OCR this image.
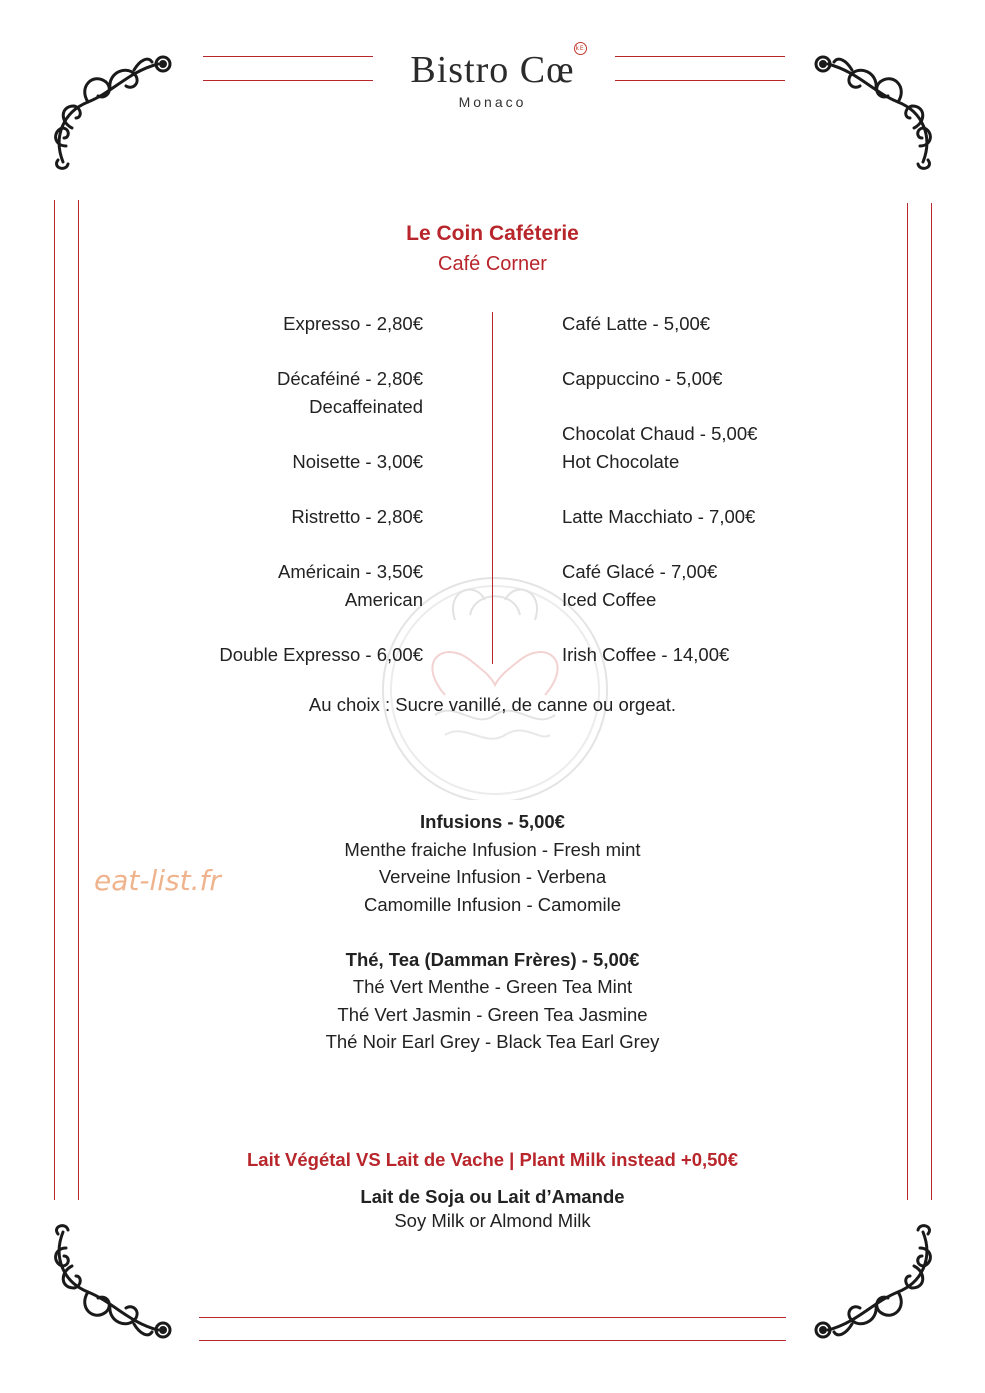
Bistro Cœ
kE
Monaco
Le Coin Caféterie
Café Corner
Expresso - 2,80€
Décaféiné - 2,80€
Decaffeinated
Noisette - 3,00€
Ristretto - 2,80€
Américain - 3,50€
American
Double Expresso - 6,00€
Café Latte - 5,00€
Cappuccino - 5,00€
Chocolat Chaud - 5,00€
Hot Chocolate
Latte Macchiato - 7,00€
Café Glacé - 7,00€
Iced Coffee
Irish Coffee - 14,00€
Au choix : Sucre vanillé, de canne ou orgeat.
Infusions - 5,00€
Menthe fraiche Infusion - Fresh mint
Verveine Infusion - Verbena
Camomille Infusion - Camomile
Thé, Tea (Damman Frères) - 5,00€
Thé Vert Menthe - Green Tea Mint
Thé Vert Jasmin - Green Tea Jasmine
Thé Noir Earl Grey - Black Tea Earl Grey
Lait Végétal VS Lait de Vache | Plant Milk instead +0,50€
Lait de Soja ou Lait d’Amande
Soy Milk or Almond Milk
eat-list.fr
